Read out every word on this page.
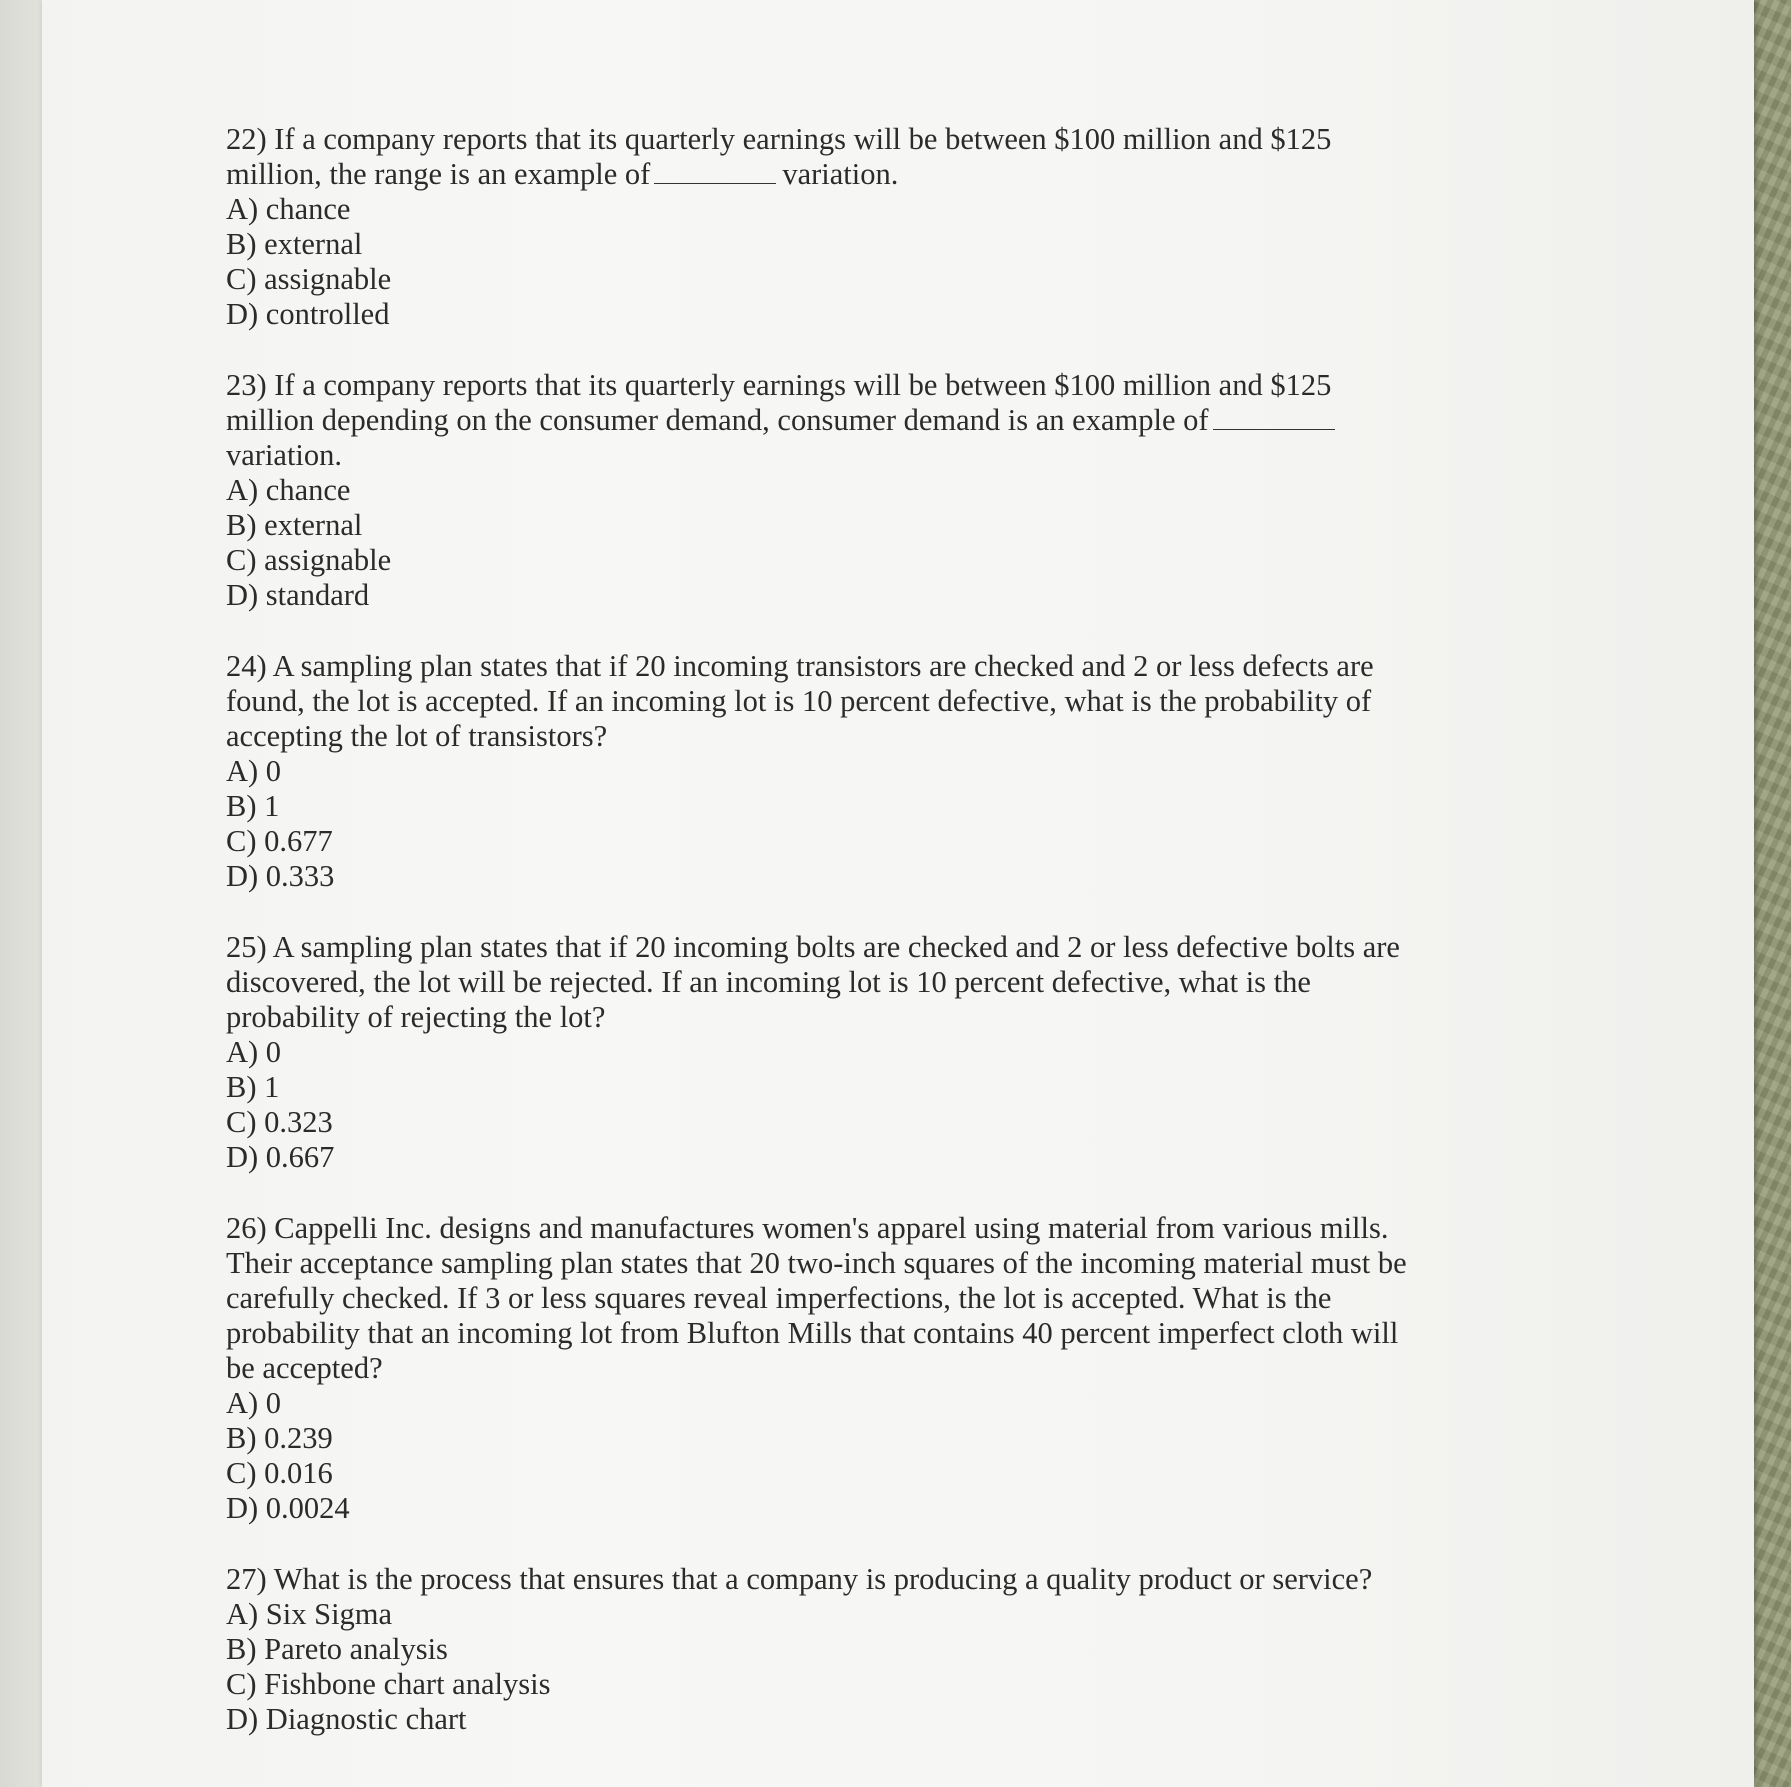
22) If a company reports that its quarterly earnings will be between $100 million and $125 million, the range is an example of	variation.

A) chance
B) external
C) assignable
D) controlled

23) If a company reports that its quarterly earnings will be between $100 million and $125 million depending on the consumer demand, consumer demand is an example of
variation.

A) chance
B) external
C) assignable
D) standard

24) A sampling plan states that if 20 incoming transistors are checked and 2 or less defects are found, the lot is accepted. If an incoming lot is 10 percent defective, what is the probability of accepting the lot of transistors?

A) 0
B) 1
C) 0.677
D) 0.333

25) A sampling plan states that if 20 incoming bolts are checked and 2 or less defective bolts are discovered, the lot will be rejected. If an incoming lot is 10 percent defective, what is the probability of rejecting the lot?

A) 0
B) 1
C) 0.323
D) 0.667

26) Cappelli Inc. designs and manufactures women's apparel using material from various mills. Their acceptance sampling plan states that 20 two-inch squares of the incoming material must be carefully checked. If 3 or less squares reveal imperfections, the lot is accepted. What is the probability that an incoming lot from Blufton Mills that contains 40 percent imperfect cloth will be accepted?

A) 0
B) 0.239
C) 0.016
D) 0.0024

27) What is the process that ensures that a company is producing a quality product or service?

A) Six Sigma
B) Pareto analysis
C) Fishbone chart analysis
D) Diagnostic chart
